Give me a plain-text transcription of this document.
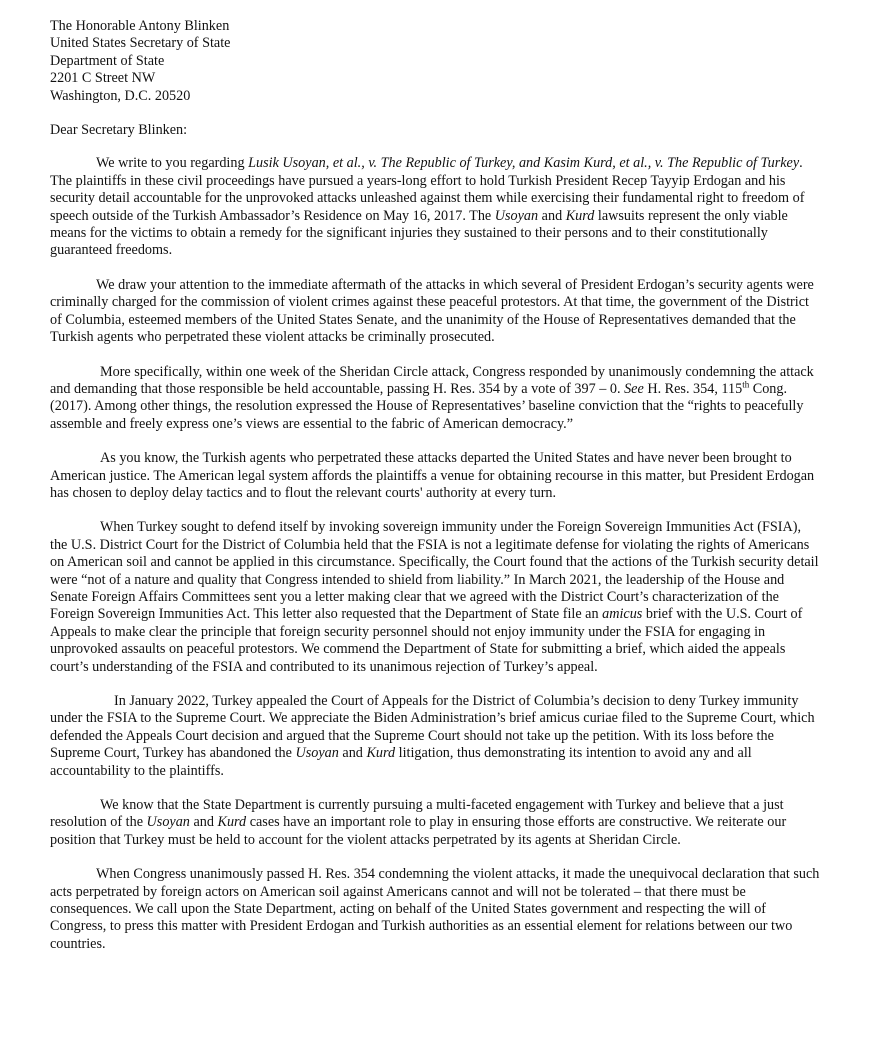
The Honorable Antony Blinken

United States Secretary of State

Department of State

2201 C Street NW

Washington, D.C. 20520

Dear Secretary Blinken:

We write to you regarding Lusik Usoyan, et al., v. The Republic of Turkey, and Kasim Kurd, et al., v. The Republic of Turkey. The plaintiffs in these civil proceedings have pursued a years-long effort to hold Turkish President Recep Tayyip Erdogan and his security detail accountable for the unprovoked attacks unleashed against them while exercising their fundamental right to freedom of speech outside of the Turkish Ambassador’s Residence on May 16, 2017. The Usoyan and Kurd lawsuits represent the only viable means for the victims to obtain a remedy for the significant injuries they sustained to their persons and to their constitutionally guaranteed freedoms.

We draw your attention to the immediate aftermath of the attacks in which several of President Erdogan’s security agents were criminally charged for the commission of violent crimes against these peaceful protestors. At that time, the government of the District of Columbia, esteemed members of the United States Senate, and the unanimity of the House of Representatives demanded that the Turkish agents who perpetrated these violent attacks be criminally prosecuted.

More specifically, within one week of the Sheridan Circle attack, Congress responded by unanimously condemning the attack and demanding that those responsible be held accountable, passing H. Res. 354 by a vote of 397 – 0. See H. Res. 354, 115th Cong. (2017). Among other things, the resolution expressed the House of Representatives’ baseline conviction that the “rights to peacefully assemble and freely express one’s views are essential to the fabric of American democracy.”

As you know, the Turkish agents who perpetrated these attacks departed the United States and have never been brought to American justice. The American legal system affords the plaintiffs a venue for obtaining recourse in this matter, but President Erdogan has chosen to deploy delay tactics and to flout the relevant courts' authority at every turn.

When Turkey sought to defend itself by invoking sovereign immunity under the Foreign Sovereign Immunities Act (FSIA), the U.S. District Court for the District of Columbia held that the FSIA is not a legitimate defense for violating the rights of Americans on American soil and cannot be applied in this circumstance. Specifically, the Court found that the actions of the Turkish security detail were “not of a nature and quality that Congress intended to shield from liability.” In March 2021, the leadership of the House and Senate Foreign Affairs Committees sent you a letter making clear that we agreed with the District Court’s characterization of the Foreign Sovereign Immunities Act. This letter also requested that the Department of State file an amicus brief with the U.S. Court of Appeals to make clear the principle that foreign security personnel should not enjoy immunity under the FSIA for engaging in unprovoked assaults on peaceful protestors. We commend the Department of State for submitting a brief, which aided the appeals court’s understanding of the FSIA and contributed to its unanimous rejection of Turkey’s appeal.

In January 2022, Turkey appealed the Court of Appeals for the District of Columbia’s decision to deny Turkey immunity under the FSIA to the Supreme Court. We appreciate the Biden Administration’s brief amicus curiae filed to the Supreme Court, which defended the Appeals Court decision and argued that the Supreme Court should not take up the petition. With its loss before the Supreme Court, Turkey has abandoned the Usoyan and Kurd litigation, thus demonstrating its intention to avoid any and all accountability to the plaintiffs.

We know that the State Department is currently pursuing a multi-faceted engagement with Turkey and believe that a just resolution of the Usoyan and Kurd cases have an important role to play in ensuring those efforts are constructive. We reiterate our position that Turkey must be held to account for the violent attacks perpetrated by its agents at Sheridan Circle.

When Congress unanimously passed H. Res. 354 condemning the violent attacks, it made the unequivocal declaration that such acts perpetrated by foreign actors on American soil against Americans cannot and will not be tolerated – that there must be consequences. We call upon the State Department, acting on behalf of the United States government and respecting the will of Congress, to press this matter with President Erdogan and Turkish authorities as an essential element for relations between our two countries.
